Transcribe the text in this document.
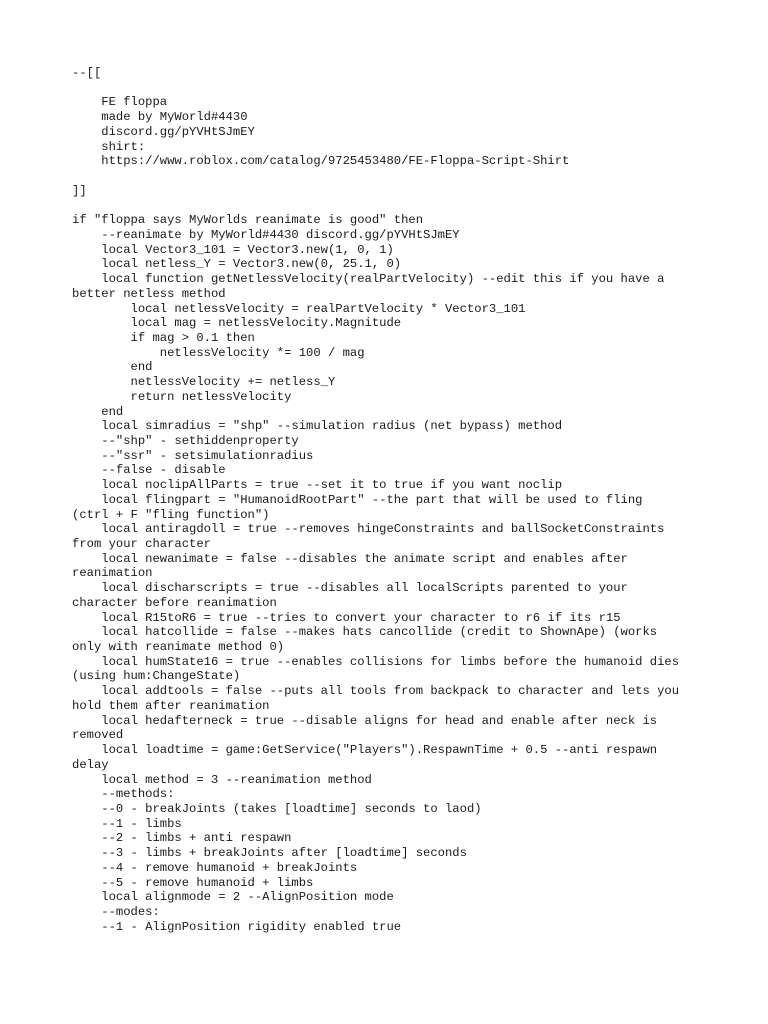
--[[
FE floppa
made by MyWorld#4430
discord.gg/pYVHtSJmEY
shirt:
https://www.roblox.com/catalog/9725453480/FE-Floppa-Script-Shirt
]]
if "floppa says MyWorlds reanimate is good" then
--reanimate by MyWorld#4430 discord.gg/pYVHtSJmEY
local Vector3_101 = Vector3.new(1, 0, 1)
local netless_Y = Vector3.new(0, 25.1, 0)
local function getNetlessVelocity(realPartVelocity) --edit this if you have a
better netless method
local netlessVelocity = realPartVelocity * Vector3_101
local mag = netlessVelocity.Magnitude
if mag > 0.1 then
netlessVelocity *= 100 / mag
end
netlessVelocity += netless_Y
return netlessVelocity
end
local simradius = "shp" --simulation radius (net bypass) method
--"shp" - sethiddenproperty
--"ssr" - setsimulationradius
--false - disable
local noclipAllParts = true --set it to true if you want noclip
local flingpart = "HumanoidRootPart" --the part that will be used to fling
(ctrl + F "fling function")
local antiragdoll = true --removes hingeConstraints and ballSocketConstraints
from your character
local newanimate = false --disables the animate script and enables after
reanimation
local discharscripts = true --disables all localScripts parented to your
character before reanimation
local R15toR6 = true --tries to convert your character to r6 if its r15
local hatcollide = false --makes hats cancollide (credit to ShownApe) (works
only with reanimate method 0)
local humState16 = true --enables collisions for limbs before the humanoid dies
(using hum:ChangeState)
local addtools = false --puts all tools from backpack to character and lets you
hold them after reanimation
local hedafterneck = true --disable aligns for head and enable after neck is
removed
local loadtime = game:GetService("Players").RespawnTime + 0.5 --anti respawn
delay
local method = 3 --reanimation method
--methods:
--0 - breakJoints (takes [loadtime] seconds to laod)
--1 - limbs
--2 - limbs + anti respawn
--3 - limbs + breakJoints after [loadtime] seconds
--4 - remove humanoid + breakJoints
--5 - remove humanoid + limbs
local alignmode = 2 --AlignPosition mode
--modes:
--1 - AlignPosition rigidity enabled true
